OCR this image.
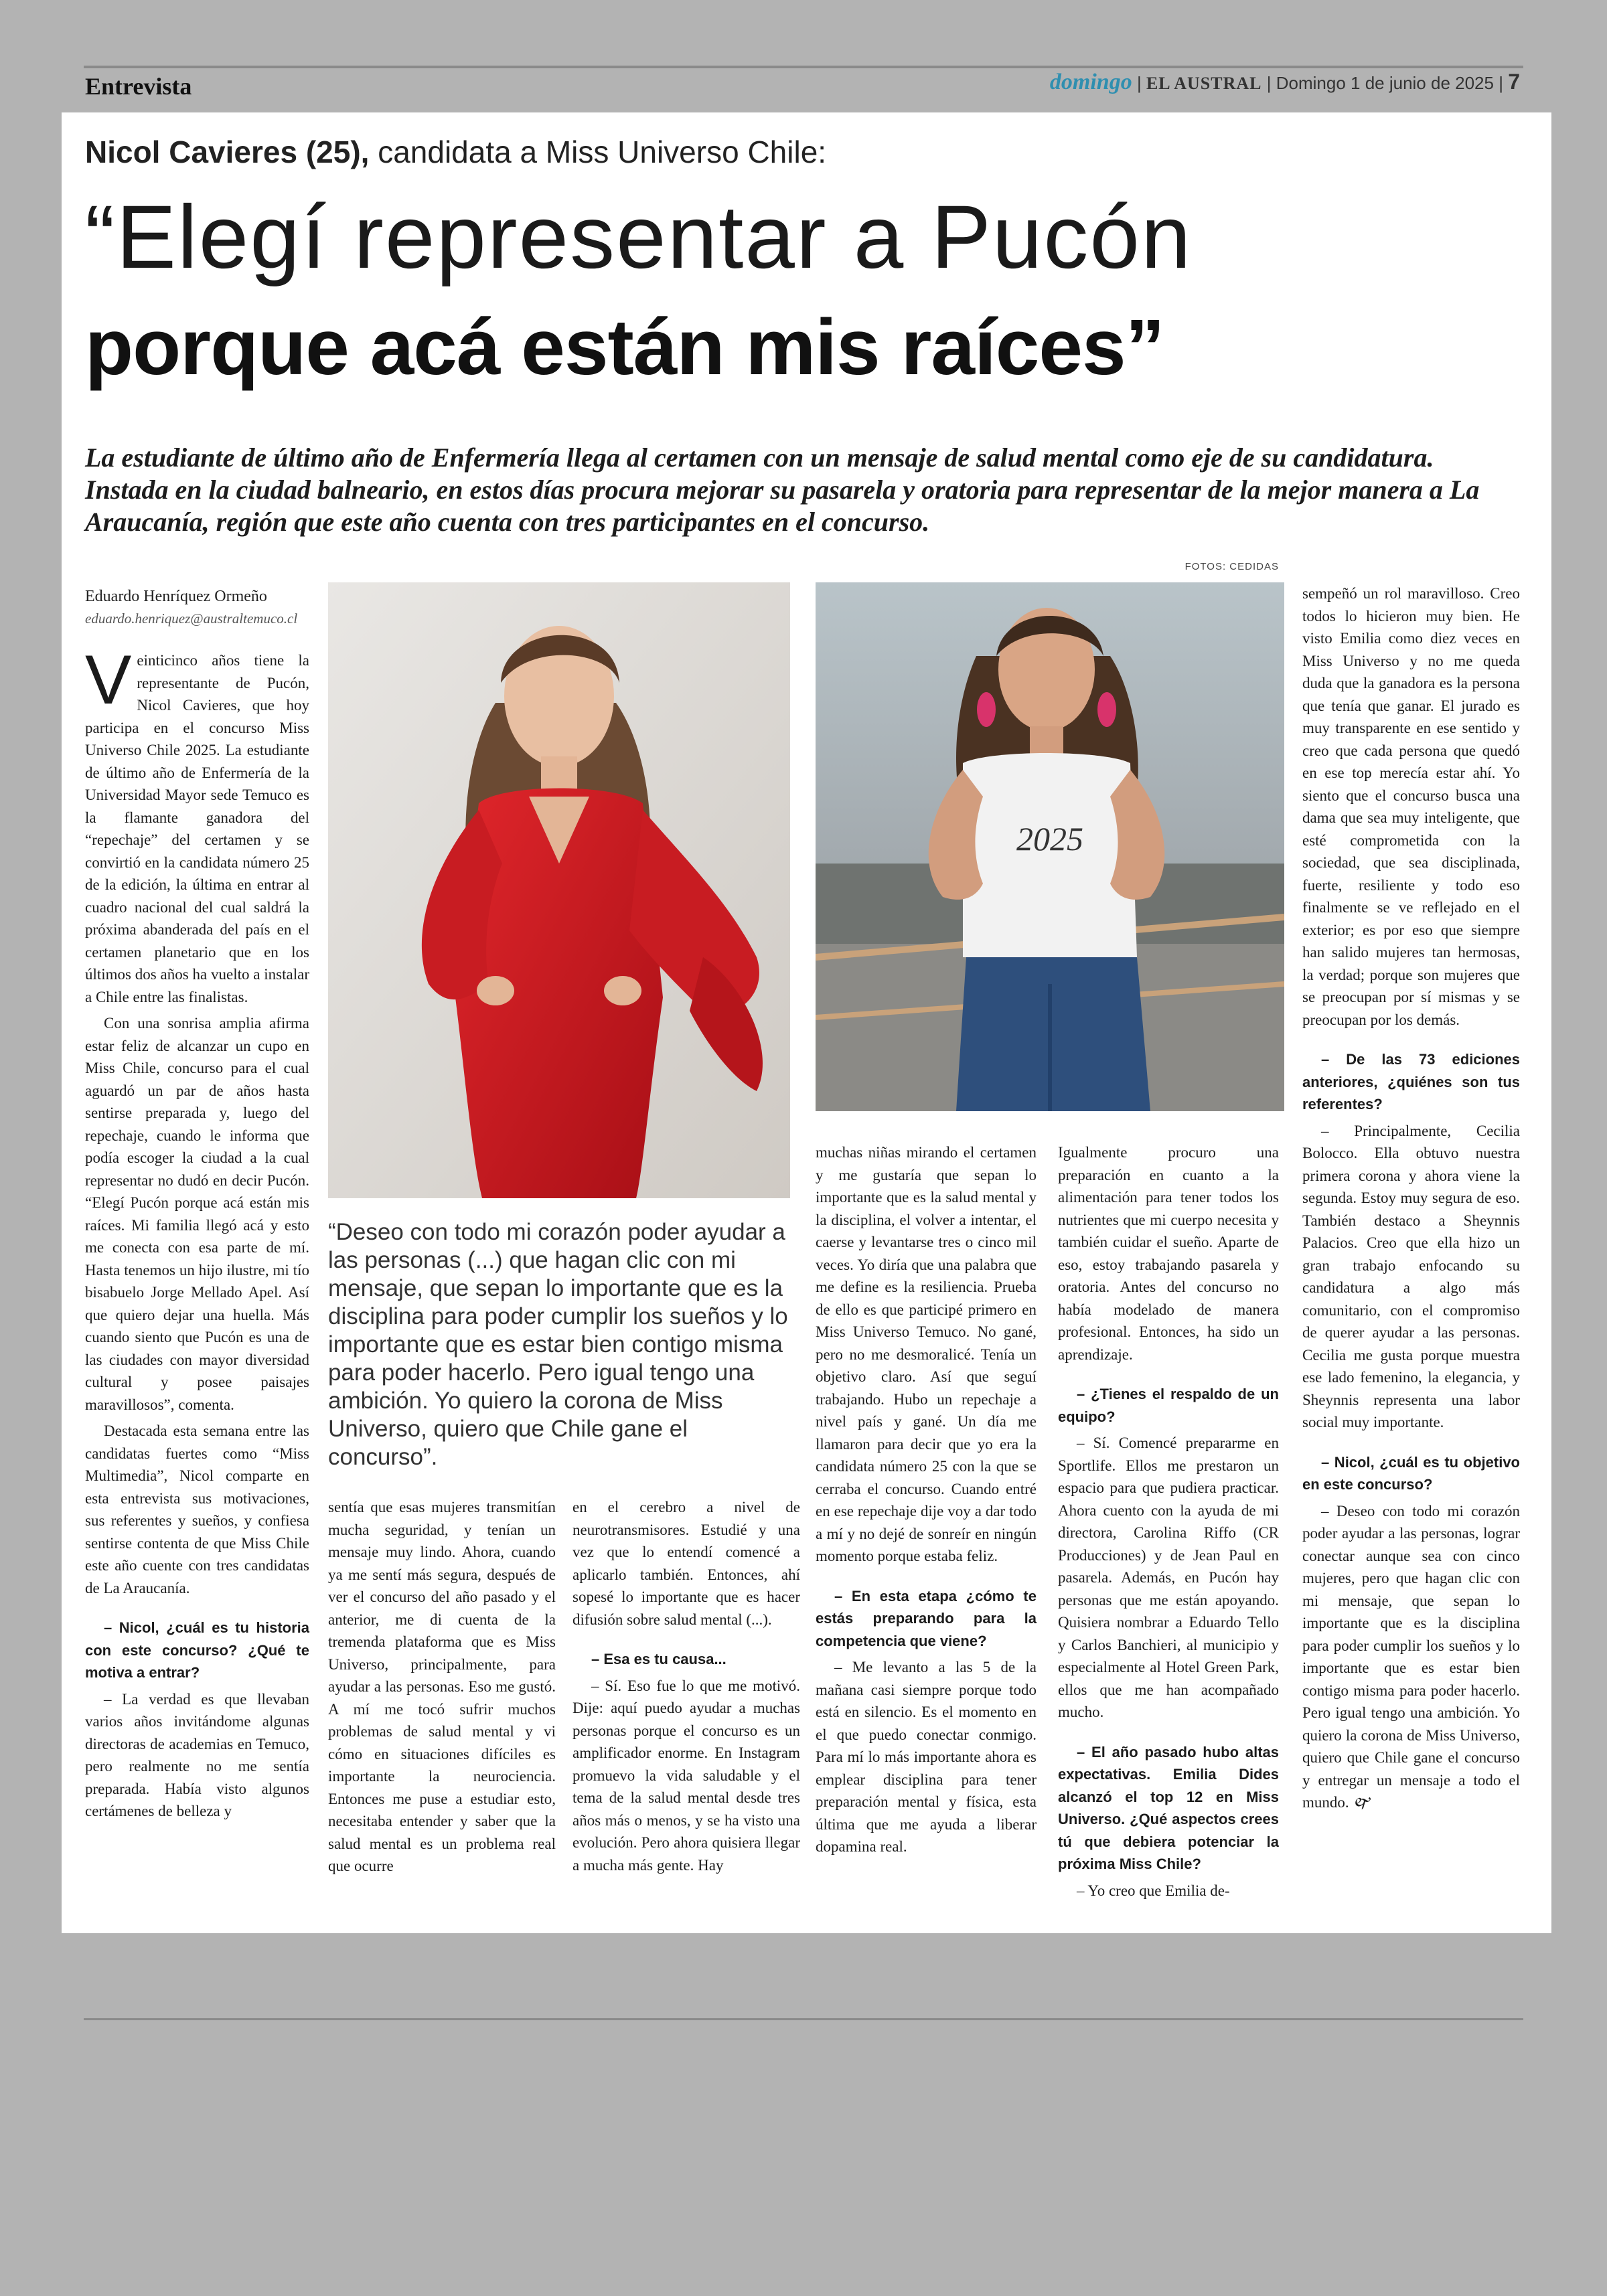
Entrevista	domingo | EL AUSTRAL | Domingo 1 de junio de 2025 | 7
Nicol Cavieres (25), candidata a Miss Universo Chile:
“Elegí representar a Pucón
porque acá están mis raíces”
La estudiante de último año de Enfermería llega al certamen con un mensaje de salud mental como eje de su candidatura. Instada en la ciudad balneario, en estos días procura mejorar su pasarela y oratoria para representar de la mejor manera a La Araucanía, región que este año cuenta con tres participantes en el concurso.
FOTOS: CEDIDAS
Eduardo Henríquez Ormeño
eduardo.henriquez@australtemuco.cl
2025
“Deseo con todo mi corazón poder ayudar a las personas (...) que hagan clic con mi mensaje, que sepan lo importante que es la disciplina para poder cumplir los sueños y lo importante que es estar bien contigo misma para poder hacerlo. Pero igual tengo una ambición. Yo quiero la corona de Miss Universo, quiero que Chile gane el concurso”.

Veinticinco años tiene la representante de Pucón, Nicol Cavieres, que hoy participa en el concurso Miss Universo Chile 2025. La estudiante de último año de Enfermería de la Universidad Mayor sede Temuco es la flamante ganadora del “repechaje” del certamen y se convirtió en la candidata número 25 de la edición, la última en entrar al cuadro nacional del cual saldrá la próxima abanderada del país en el certamen planetario que en los últimos dos años ha vuelto a instalar a Chile entre las finalistas.

Con una sonrisa amplia afirma estar feliz de alcanzar un cupo en Miss Chile, concurso para el cual aguardó un par de años hasta sentirse preparada y, luego del repechaje, cuando le informa que podía escoger la ciudad a la cual representar no dudó en decir Pucón. “Elegí Pucón porque acá están mis raíces. Mi familia llegó acá y esto me conecta con esa parte de mí. Hasta tenemos un hijo ilustre, mi tío bisabuelo Jorge Mellado Apel. Así que quiero dejar una huella. Más cuando siento que Pucón es una de las ciudades con mayor diversidad cultural y posee paisajes maravillosos”, comenta.

Destacada esta semana entre las candidatas fuertes como “Miss Multimedia”, Nicol comparte en esta entrevista sus motivaciones, sus referentes y sueños, y confiesa sentirse contenta de que Miss Chile este año cuente con tres candidatas de La Araucanía.

– Nicol, ¿cuál es tu historia con este concurso? ¿Qué te motiva a entrar?

– La verdad es que llevaban varios años invitándome algunas directoras de academias en Temuco, pero realmente no me sentía preparada. Había visto algunos certámenes de belleza y

sentía que esas mujeres transmitían mucha seguridad, y tenían un mensaje muy lindo. Ahora, cuando ya me sentí más segura, después de ver el concurso del año pasado y el anterior, me di cuenta de la tremenda plataforma que es Miss Universo, principalmente, para ayudar a las personas. Eso me gustó. A mí me tocó sufrir muchos problemas de salud mental y vi cómo en situaciones difíciles es importante la neurociencia. Entonces me puse a estudiar esto, necesitaba entender y saber que la salud mental es un problema real que ocurre

en el cerebro a nivel de neurotransmisores. Estudié y una vez que lo entendí comencé a aplicarlo también. Entonces, ahí sopesé lo importante que es hacer difusión sobre salud mental (...).

– Esa es tu causa...

– Sí. Eso fue lo que me motivó. Dije: aquí puedo ayudar a muchas personas porque el concurso es un amplificador enorme. En Instagram promuevo la vida saludable y el tema de la salud mental desde tres años más o menos, y se ha visto una evolución. Pero ahora quisiera llegar a mucha más gente. Hay

muchas niñas mirando el certamen y me gustaría que sepan lo importante que es la salud mental y la disciplina, el volver a intentar, el caerse y levantarse tres o cinco mil veces. Yo diría que una palabra que me define es la resiliencia. Prueba de ello es que participé primero en Miss Universo Temuco. No gané, pero no me desmoralicé. Tenía un objetivo claro. Así que seguí trabajando. Hubo un repechaje a nivel país y gané. Un día me llamaron para decir que yo era la candidata número 25 con la que se cerraba el concurso. Cuando entré en ese repechaje dije voy a dar todo a mí y no dejé de sonreír en ningún momento porque estaba feliz.

– En esta etapa ¿cómo te estás preparando para la competencia que viene?

– Me levanto a las 5 de la mañana casi siempre porque todo está en silencio. Es el momento en el que puedo conectar conmigo. Para mí lo más importante ahora es emplear disciplina para tener preparación mental y física, esta última que me ayuda a liberar dopamina real.

Igualmente procuro una preparación en cuanto a la alimentación para tener todos los nutrientes que mi cuerpo necesita y también cuidar el sueño. Aparte de eso, estoy trabajando pasarela y oratoria. Antes del concurso no había modelado de manera profesional. Entonces, ha sido un aprendizaje.

– ¿Tienes el respaldo de un equipo?

– Sí. Comencé prepararme en Sportlife. Ellos me prestaron un espacio para que pudiera practicar. Ahora cuento con la ayuda de mi directora, Carolina Riffo (CR Producciones) y de Jean Paul en pasarela. Además, en Pucón hay personas que me están apoyando. Quisiera nombrar a Eduardo Tello y Carlos Banchieri, al municipio y especialmente al Hotel Green Park, ellos que me han acompañado mucho.

– El año pasado hubo altas expectativas. Emilia Dides alcanzó el top 12 en Miss Universo. ¿Qué aspectos crees tú que debiera potenciar la próxima Miss Chile?

– Yo creo que Emilia de-

sempeñó un rol maravilloso. Creo todos lo hicieron muy bien. He visto Emilia como diez veces en Miss Universo y no me queda duda que la ganadora es la persona que tenía que ganar. El jurado es muy transparente en ese sentido y creo que cada persona que quedó en ese top merecía estar ahí. Yo siento que el concurso busca una dama que sea muy inteligente, que esté comprometida con la sociedad, que sea disciplinada, fuerte, resiliente y todo eso finalmente se ve reflejado en el exterior; es por eso que siempre han salido mujeres tan hermosas, la verdad; porque son mujeres que se preocupan por sí mismas y se preocupan por los demás.

– De las 73 ediciones anteriores, ¿quiénes son tus referentes?

– Principalmente, Cecilia Bolocco. Ella obtuvo nuestra primera corona y ahora viene la segunda. Estoy muy segura de eso. También destaco a Sheynnis Palacios. Creo que ella hizo un gran trabajo enfocando su candidatura a algo más comunitario, con el compromiso de querer ayudar a las personas. Cecilia me gusta porque muestra ese lado femenino, la elegancia, y Sheynnis representa una labor social muy importante.

– Nicol, ¿cuál es tu objetivo en este concurso?

– Deseo con todo mi corazón poder ayudar a las personas, lograr conectar aunque sea con cinco mujeres, pero que hagan clic con mi mensaje, que sepan lo importante que es la disciplina para poder cumplir los sueños y lo importante que es estar bien contigo misma para poder hacerlo. Pero igual tengo una ambición. Yo quiero la corona de Miss Universo, quiero que Chile gane el concurso y entregar un mensaje a todo el mundo. 🙰
